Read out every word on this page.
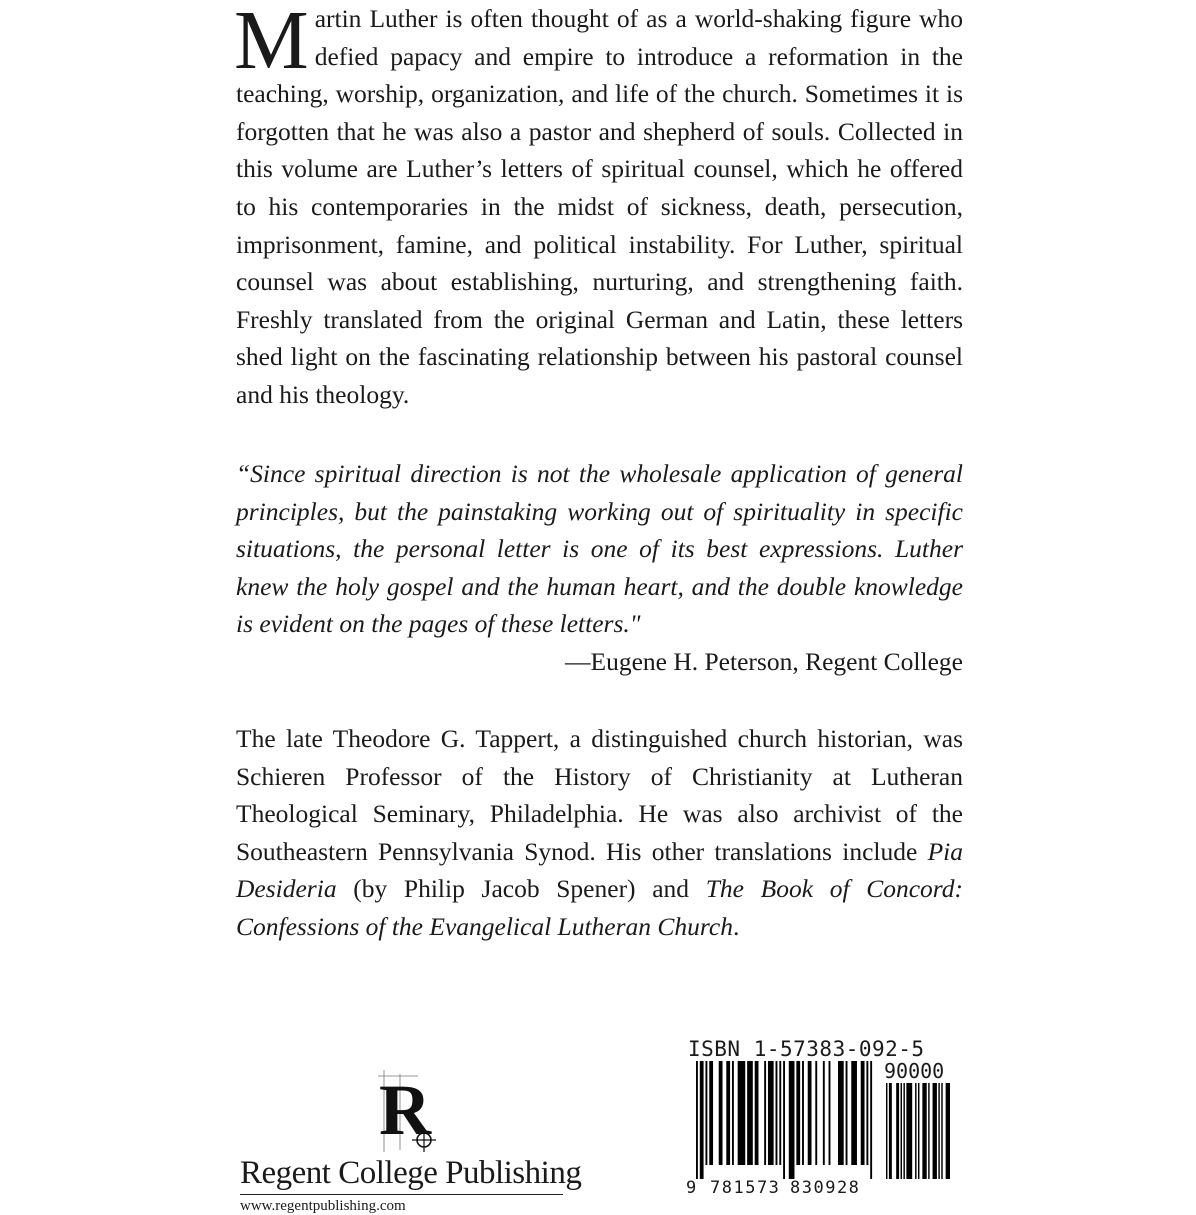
Martin Luther is often thought of as a world-shaking figure who defied papacy and empire to introduce a reformation in the teaching, worship, organization, and life of the church. Sometimes it is forgotten that he was also a pastor and shepherd of souls. Collected in this volume are Luther’s letters of spiritual counsel, which he offered to his contemporaries in the midst of sickness, death, persecution, imprisonment, famine, and political instability. For Luther, spiritual counsel was about establishing, nurturing, and strengthening faith. Freshly translated from the original German and Latin, these letters shed light on the fascinating relationship between his pastoral counsel and his theology.

“Since spiritual direction is not the wholesale application of general principles, but the painstaking working out of spirituality in specific situations, the personal letter is one of its best expressions. Luther knew the holy gospel and the human heart, and the double knowledge is evident on the pages of these letters."

—Eugene H. Peterson, Regent College

The late Theodore G. Tappert, a distinguished church historian, was Schieren Professor of the History of Christianity at Lutheran Theological Seminary, Philadelphia. He was also archivist of the Southeastern Pennsylvania Synod. His other translations include Pia Desideria (by Philip Jacob Spener) and The Book of Concord: Confessions of the Evangelical Lutheran Church.

R
Regent College Publishing
www.regentpublishing.com
ISBN 1-57383-092-5
90000
9 781573 830928
